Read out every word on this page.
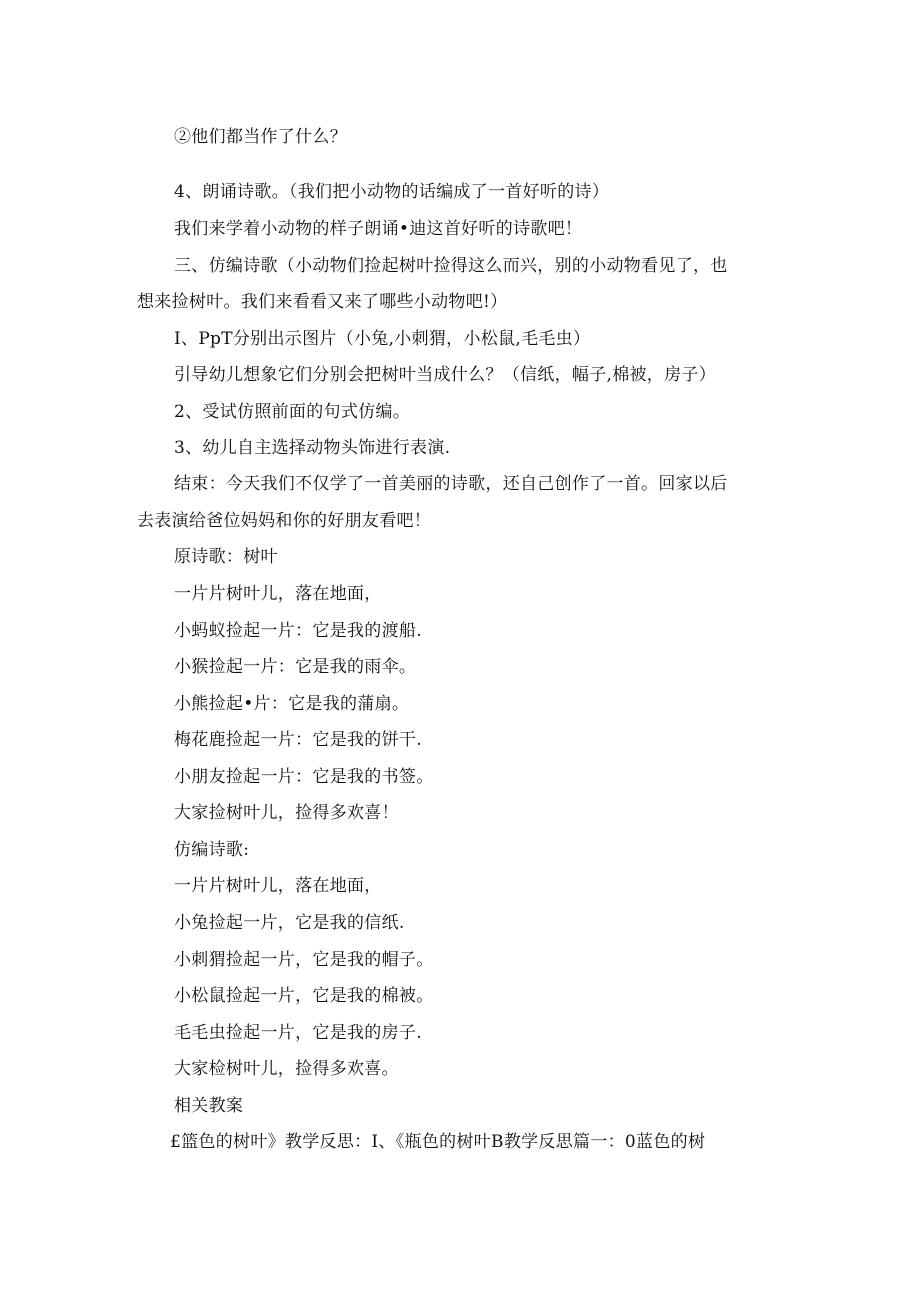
②他们都当作了什么？
4、朗诵诗歌。（我们把小动物的话编成了一首好听的诗）
我们来学着小动物的样子朗诵•迪这首好听的诗歌吧！
三、仿编诗歌（小动物们捡起树叶捡得这么而兴，别的小动物看见了，也
想来捡树叶。我们来看看又来了哪些小动物吧!）
I、PpT分别出示图片（小兔,小刺猬，小松鼠,毛毛虫）
引导幼儿想象它们分别会把树叶当成什么？（信纸，幅子,棉被，房子）
2、受试仿照前面的句式仿编。
3、幼儿自主选择动物头饰进行表演.
结束：今天我们不仅学了一首美丽的诗歌，还自己创作了一首。回家以后
去表演给爸位妈妈和你的好朋友看吧！
原诗歌：树叶
一片片树叶儿，落在地面，
小蚂蚁捡起一片：它是我的渡船.
小猴捡起一片：它是我的雨伞。
小熊捡起•片：它是我的蒲扇。
梅花鹿捡起一片：它是我的饼干.
小朋友捡起一片：它是我的书签。
大家捡树叶儿，捡得多欢喜！
仿编诗歌:
一片片树叶儿，落在地面，
小兔捡起一片，它是我的信纸.
小刺猬捡起一片，它是我的帽子。
小松鼠捡起一片，它是我的棉被。
毛毛虫捡起一片，它是我的房子.
大家检树叶儿，捡得多欢喜。
相关教案
£篮色的树叶》教学反思：I、《瓶色的树叶B教学反思篇一：0蓝色的树
